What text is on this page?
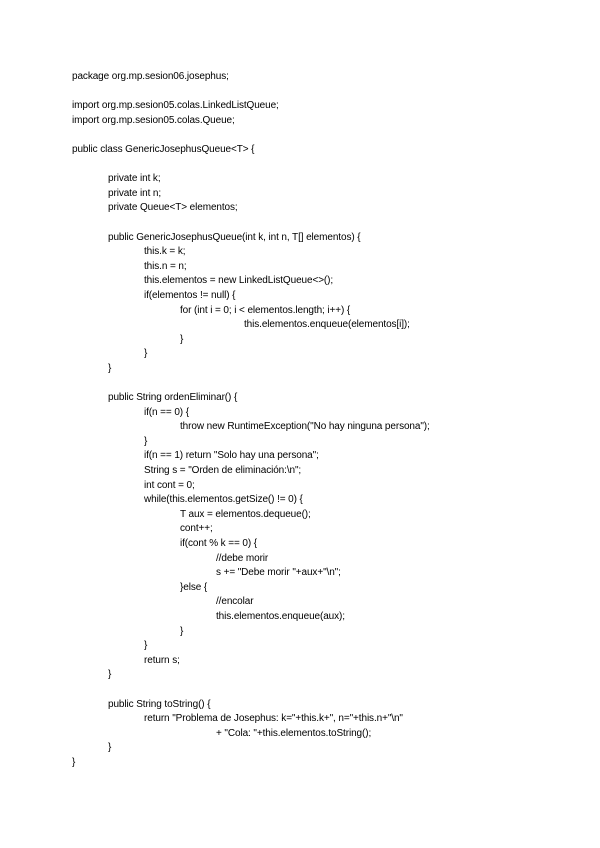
package org.mp.sesion06.josephus;
import org.mp.sesion05.colas.LinkedListQueue;
import org.mp.sesion05.colas.Queue;
public class GenericJosephusQueue<T> {
private int k;
private int n;
private Queue<T> elementos;
public GenericJosephusQueue(int k, int n, T[] elementos) {
this.k = k;
this.n = n;
this.elementos = new LinkedListQueue<>();
if(elementos != null) {
for (int i = 0; i < elementos.length; i++) {
this.elementos.enqueue(elementos[i]);
}
}
}
public String ordenEliminar() {
if(n == 0) {
throw new RuntimeException("No hay ninguna persona");
}
if(n == 1) return "Solo hay una persona";
String s = "Orden de eliminación:\n";
int cont = 0;
while(this.elementos.getSize() != 0) {
T aux = elementos.dequeue();
cont++;
if(cont % k == 0) {
//debe morir
s += "Debe morir "+aux+"\n";
}else {
//encolar
this.elementos.enqueue(aux);
}
}
return s;
}
public String toString() {
return "Problema de Josephus: k="+this.k+", n="+this.n+"\n"
+ "Cola: "+this.elementos.toString();
}
}
